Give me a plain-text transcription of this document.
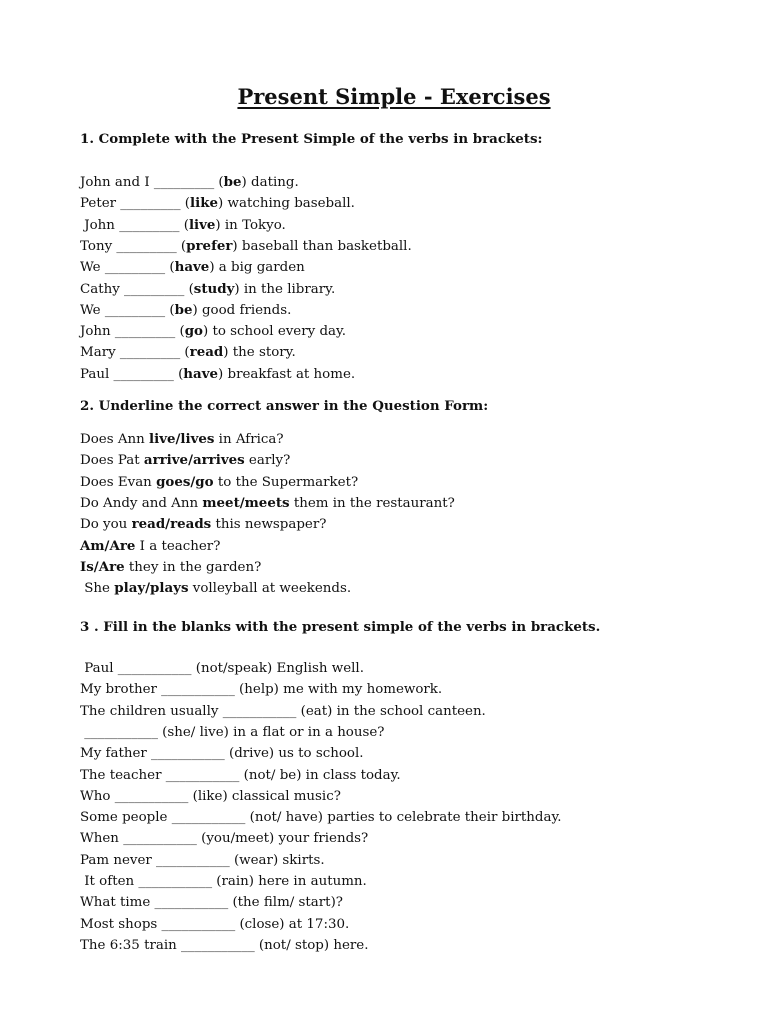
Present Simple - Exercises
1. Complete with the Present Simple of the verbs in brackets:
John and I _________ (be) dating.
Peter _________ (like) watching baseball.
John _________ (live) in Tokyo.
Tony _________ (prefer) baseball than basketball.
We _________ (have) a big garden
Cathy _________ (study) in the library.
We _________ (be) good friends.
John _________ (go) to school every day.
Mary _________ (read) the story.
Paul _________ (have) breakfast at home.
2. Underline the correct answer in the Question Form:
Does Ann live/lives in Africa?
Does Pat arrive/arrives early?
Does Evan goes/go to the Supermarket?
Do Andy and Ann meet/meets them in the restaurant?
Do you read/reads this newspaper?
Am/Are I a teacher?
Is/Are they in the garden?
She play/plays volleyball at weekends.
3 . Fill in the blanks with the present simple of the verbs in brackets.
Paul ___________ (not/speak) English well.
My brother ___________ (help) me with my homework.
The children usually ___________ (eat) in the school canteen.
___________ (she/ live) in a flat or in a house?
My father ___________ (drive) us to school.
The teacher ___________ (not/ be) in class today.
Who ___________ (like) classical music?
Some people ___________ (not/ have) parties to celebrate their birthday.
When ___________ (you/meet) your friends?
Pam never ___________ (wear) skirts.
It often ___________ (rain) here in autumn.
What time ___________ (the film/ start)?
Most shops ___________ (close) at 17:30.
The 6:35 train ___________ (not/ stop) here.
